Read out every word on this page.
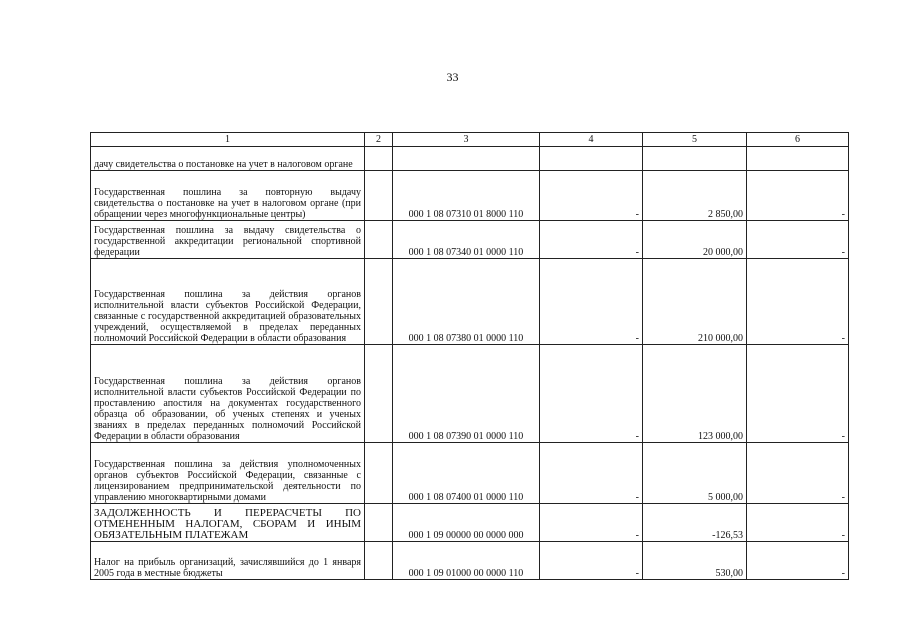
33
1	2	3	4	5	6
дачу свидетельства о постановке на учет в налоговом органе					
Государственная пошлина за повторную выдачу свидетельства о постановке на учет в налоговом органе (при обращении через многофункциональные центры)		000 1 08 07310 01 8000 110	-	2 850,00	-
Государственная пошлина за выдачу свидетельства о государственной аккредитации региональной спортивной федерации		000 1 08 07340 01 0000 110	-	20 000,00	-
Государственная пошлина за действия органов исполнительной власти субъектов Российской Федерации, связанные с государственной аккредитацией образовательных учреждений, осуществляемой в пределах переданных полномочий Российской Федерации в области образования		000 1 08 07380 01 0000 110	-	210 000,00	-
Государственная пошлина за действия органов исполнительной власти субъектов Российской Федерации по проставлению апостиля на документах государственного образца об образовании, об ученых степенях и ученых званиях в пределах переданных полномочий Российской Федерации в области образования		000 1 08 07390 01 0000 110	-	123 000,00	-
Государственная пошлина за действия уполномоченных органов субъектов Российской Федерации, связанные с лицензированием предпринимательской деятельности по управлению многоквартирными домами		000 1 08 07400 01 0000 110	-	5 000,00	-
ЗАДОЛЖЕННОСТЬ И ПЕРЕРАСЧЕТЫ ПО ОТМЕНЕННЫМ НАЛОГАМ, СБОРАМ И ИНЫМ ОБЯЗАТЕЛЬНЫМ ПЛАТЕЖАМ		000 1 09 00000 00 0000 000	-	-126,53	-
Налог на прибыль организаций, зачислявшийся до 1 января 2005 года в местные бюджеты		000 1 09 01000 00 0000 110	-	530,00	-
